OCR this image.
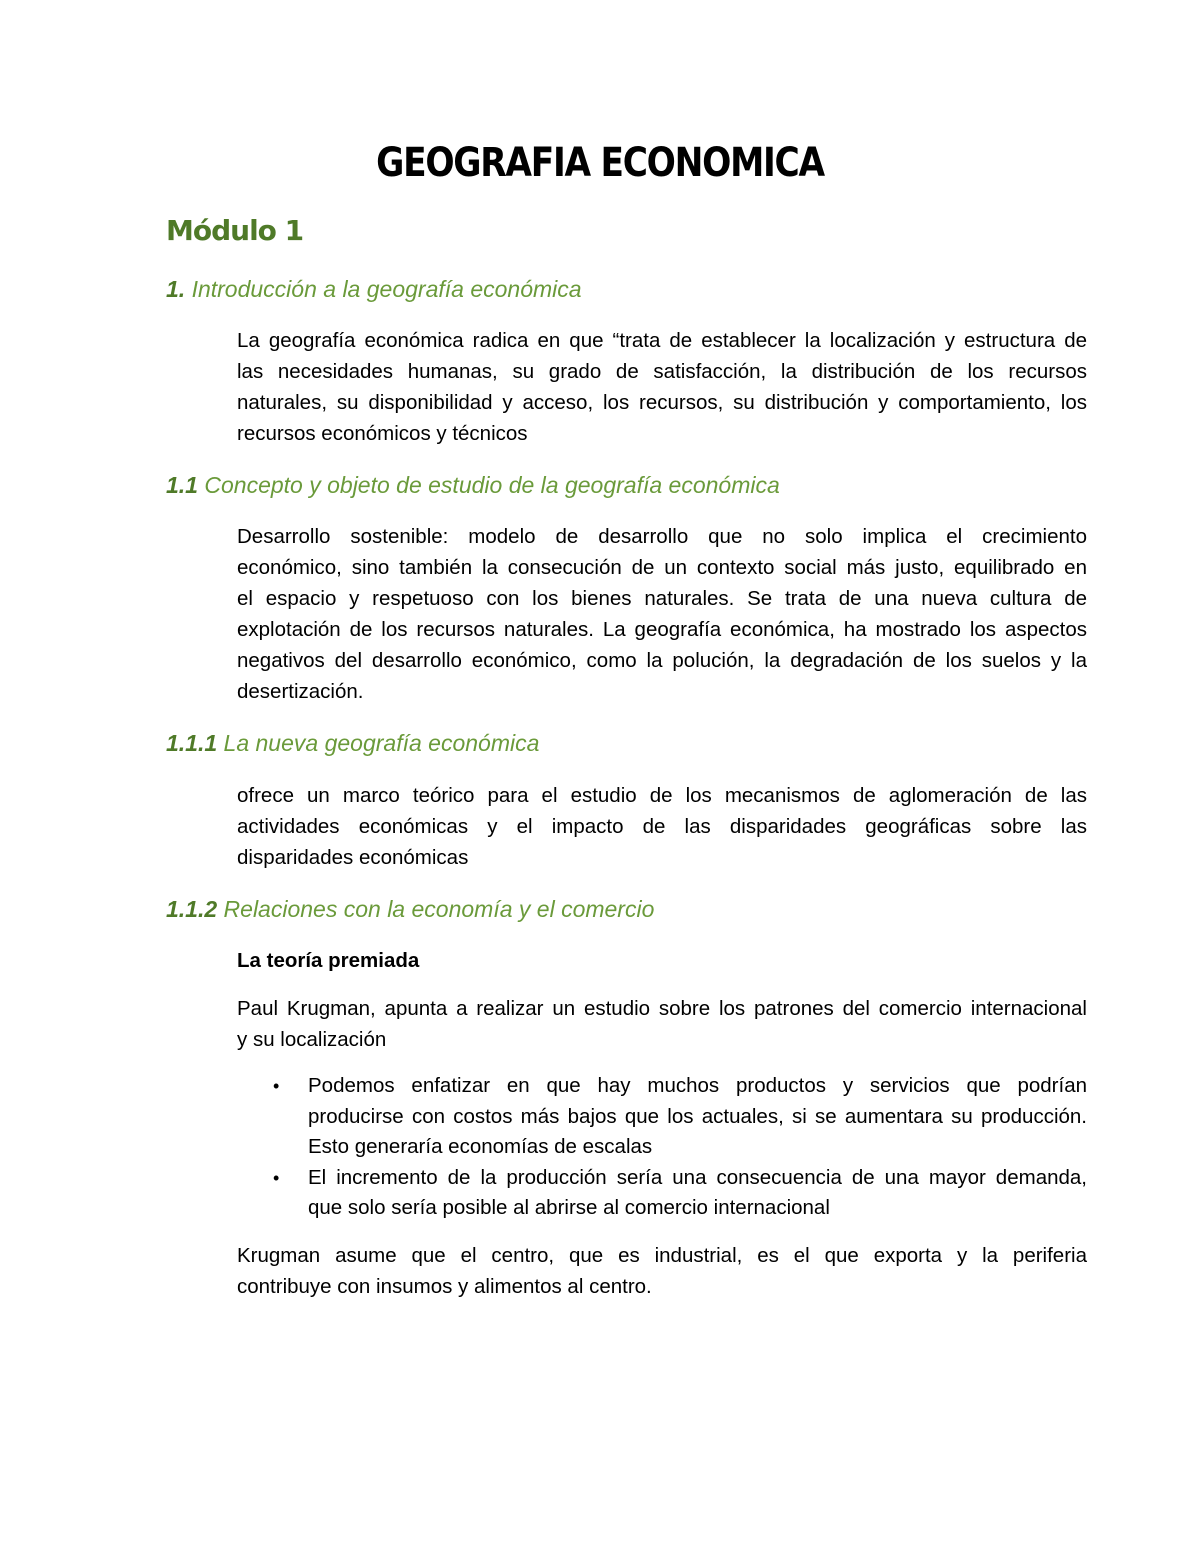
GEOGRAFIA ECONOMICA
Módulo 1
1. Introducción a la geografía económica
La geografía económica radica en que “trata de establecer la localización y estructura de
las necesidades humanas, su grado de satisfacción, la distribución de los recursos
naturales, su disponibilidad y acceso, los recursos, su distribución y comportamiento, los
recursos económicos y técnicos
1.1 Concepto y objeto de estudio de la geografía económica
Desarrollo sostenible: modelo de desarrollo que no solo implica el crecimiento
económico, sino también la consecución de un contexto social más justo, equilibrado en
el espacio y respetuoso con los bienes naturales. Se trata de una nueva cultura de
explotación de los recursos naturales. La geografía económica, ha mostrado los aspectos
negativos del desarrollo económico, como la polución, la degradación de los suelos y la
desertización.
1.1.1 La nueva geografía económica
ofrece un marco teórico para el estudio de los mecanismos de aglomeración de las
actividades económicas y el impacto de las disparidades geográficas sobre las
disparidades económicas
1.1.2 Relaciones con la economía y el comercio
La teoría premiada
Paul Krugman, apunta a realizar un estudio sobre los patrones del comercio internacional
y su localización
• Podemos enfatizar en que hay muchos productos y servicios que podrían
producirse con costos más bajos que los actuales, si se aumentara su producción.
Esto generaría economías de escalas
• El incremento de la producción sería una consecuencia de una mayor demanda,
que solo sería posible al abrirse al comercio internacional
Krugman asume que el centro, que es industrial, es el que exporta y la periferia
contribuye con insumos y alimentos al centro.
